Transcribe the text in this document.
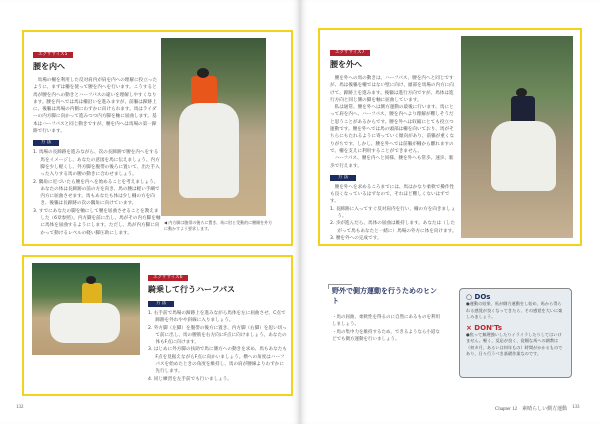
エクササイズ5
腰を内へ

馬場の柵を利用した反対肩内が肩を内への理解に役立ったように、まずは柵を使って腰を内へを行います。こうすると馬が腰を内への動きとハーフパスの違いを理解しやすくなります。腰を内へでは馬は柵沿いを進みますが、前軀は蹄跡上に、後軀は馬場の内側にわずかに向けられます。馬はライダーの内方脚に向かって進みつつ内方脚を軸に屈曲します。基本はハーフパスと同じ動きですが、腰を内へは馬場の第一蹄跡で行います。

方 法
1. 馬場の長蹄跡を進みながら、次の長蹄跡で腰を内へをする馬をイメージし、あなたの意図を馬に伝えましょう。内方脚を少し軽くし、外方脚を腹帯の後ろに置いて、出た手入った入りする馬の腰の動きに合わせましょう。
2. 隅角に近づいたら腰を内へを始めることを考えましょう。あなたの体は長蹄跡の前の方を向き、馬の腰は軽い手綱で内方に屈曲させます。馬もあなたも体は少し柵の方を向き、後軀は長蹄跡の次の隅角に向けています。
3. すでにあなたの脚を軸にして腰を屈曲させることを教えました（6章参照）。内方脚を前に出し、馬がその内方脚を軸に馬体を屈曲するようにします。ただし、馬が内方脚に向かって動けるレベルの軽い脚圧助にします。
◀ 内方脚は腹帯の後ろに置き、馬に肘と受動的に腰側を外方に動かすよう要求します。
エクササイズ6
騎乗して行うハーフパス
方 法
1. 右手前で馬場の蹄跡上を進みながら馬体を左に屈曲させ、C点で蹄跡を外れやや斜線に入りましょう。
2. 外方脚（左脚）を腹帯の後方に置き、内方脚（右脚）を思い切って前に出し、馬の腰筋を右方向にF点に向けましょう。あなたの体もF点に向けます。
3. はじめに外方脚の扶助で馬に側方への動きを求め、馬もあなたもF点を見据えながらF点に向かいましょう。横への角度はハーフパスを始めたときの角度を維持し、馬の肩が腰線よりわずかに先行します。
4. 同じ練習を左手前でも行いましょう。
132
エクササイズ7
腰を外へ

腰を外への馬の動きは、ハーフパス、腰を内へと同じですが、馬は後軀を柵ではない壁に向け、頭部を馬場の内方に向けて、蹄跡上を進みます。後軀は進行方向ですが、馬体は進行方向と同じ側の脚を軸に屈曲しています。

私は通常、腰を外へは側方運動の最後に行います。馬にとって肩を内へ、ハーフパス、腰を内へより理解が難しそうだと思うことがあるからです。腰を外へは収縮にとても役立つ運動です。腰を外へでは馬の頭部は柵を向いており、馬がそちらにもたれるように寄っていく傾向があり、前軀が重くなりがちです。しかし、腰を外へでは前軀が柵から離れますので、柵を支えに利用することができません。

ハーフパス、腰を内へと同様、腰を外へも常歩、速歩、駈歩で行えます。

方 法

腰を外へを求めるころまでには、馬はかなり柔軟で操作性も良くなっているはずなので、それほど難しくないはずです。

1. 長蹄跡に入ってすぐ反対肩内を行い、柵の方を向きましょう。
2. 歩が進んだら、馬体の屈曲は維持します。あなたは（したがって馬もあなたと一緒に）馬場の外方に体を向けます。
3. 腰を外への完成です。
野外で側方運動を行うためのヒント
・馬の屈曲、柔軟性を得るのに自然にあるものを利用しましょう。
・馬の集中力を維持するため、できるようなら小道などでも側方運動を行いましょう。
○ DOs
●運動の結果、馬が側方運動をし始め、馬から得られる感覚が良くなってきたら、その感覚を大いに楽しみましょう。
× DON'Ts
●焦って無理強いしたりイライラしたりしてはいけません。軽く、反応が良く、従順な馬への調教は（何カ月、あるいは何年もの）時間がかかるものであり、日々行うべき基礎作業なのです。
Chapter 12　素晴らしい側方運動 133
